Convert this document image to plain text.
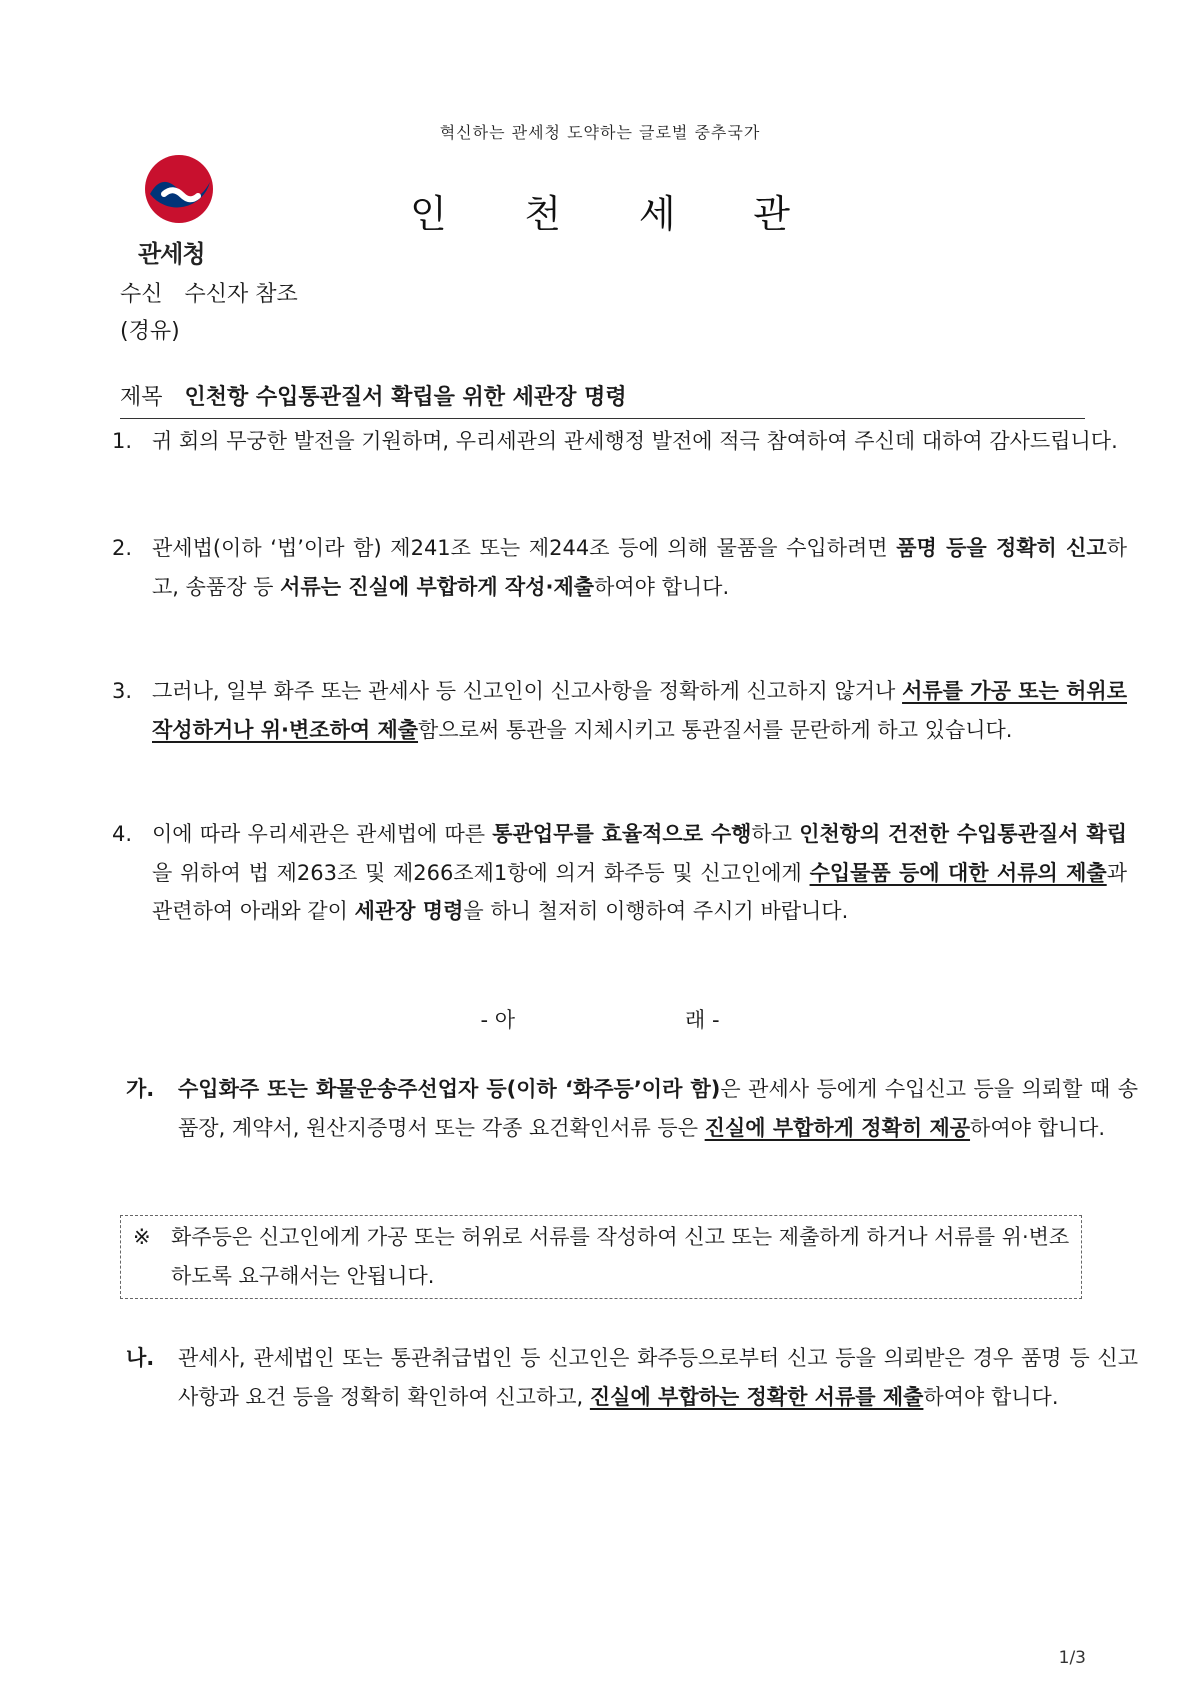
혁신하는 관세청 도약하는 글로벌 중추국가
관세청
인 천 세 관
수신 수신자 참조
(경유)
제목 인천항 수입통관질서 확립을 위한 세관장 명령
1. 귀 회의 무궁한 발전을 기원하며, 우리세관의 관세행정 발전에 적극 참여하여 주신데 대하여 감사드립니다.
2. 관세법(이하 ‘법’이라 함) 제241조 또는 제244조 등에 의해 물품을 수입하려면 품명 등을 정확히 신고하고, 송품장 등 서류는 진실에 부합하게 작성·제출하여야 합니다.
3. 그러나, 일부 화주 또는 관세사 등 신고인이 신고사항을 정확하게 신고하지 않거나 서류를 가공 또는 허위로 작성하거나 위·변조하여 제출함으로써 통관을 지체시키고 통관질서를 문란하게 하고 있습니다.
4. 이에 따라 우리세관은 관세법에 따른 통관업무를 효율적으로 수행하고 인천항의 건전한 수입통관질서 확립을 위하여 법 제263조 및 제266조제1항에 의거 화주등 및 신고인에게 수입물품 등에 대한 서류의 제출과 관련하여 아래와 같이 세관장 명령을 하니 철저히 이행하여 주시기 바랍니다.
- 아	래 -
가. 수입화주 또는 화물운송주선업자 등(이하 ‘화주등’이라 함)은 관세사 등에게 수입신고 등을 의뢰할 때 송품장, 계약서, 원산지증명서 또는 각종 요건확인서류 등은 진실에 부합하게 정확히 제공하여야 합니다.
※ 화주등은 신고인에게 가공 또는 허위로 서류를 작성하여 신고 또는 제출하게 하거나 서류를 위·변조하도록 요구해서는 안됩니다.
나. 관세사, 관세법인 또는 통관취급법인 등 신고인은 화주등으로부터 신고 등을 의뢰받은 경우 품명 등 신고사항과 요건 등을 정확히 확인하여 신고하고, 진실에 부합하는 정확한 서류를 제출하여야 합니다.
1/3
